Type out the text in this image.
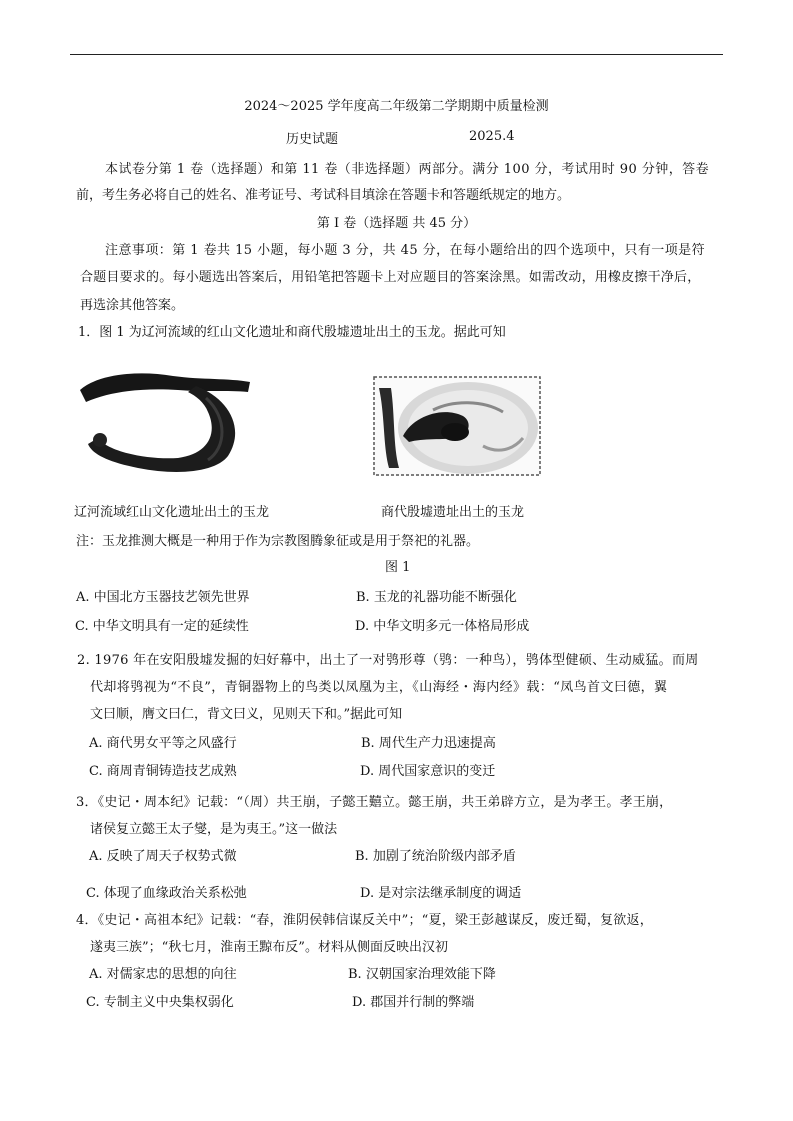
2024～2025 学年度高二年级第二学期期中质量检测
历史试题	2025.4
本试卷分第 1 卷（选择题）和第 11 卷（非选择题）两部分。满分 100 分，考试用时 90 分钟，答卷
前，考生务必将自己的姓名、准考证号、考试科目填涂在答题卡和答题纸规定的地方。
第 Ⅰ 卷（选择题 共 45 分）
注意事项：第 1 卷共 15 小题，每小题 3 分，共 45 分，在每小题给出的四个选项中，只有一项是符
合题目要求的。每小题选出答案后，用铅笔把答题卡上对应题目的答案涂黑。如需改动，用橡皮擦干净后，
再选涂其他答案。
1．图 1 为辽河流域的红山文化遗址和商代殷墟遗址出土的玉龙。据此可知
辽河流域红山文化遗址出土的玉龙	商代殷墟遗址出土的玉龙
注：玉龙推测大概是一种用于作为宗教图腾象征或是用于祭祀的礼器。
图 1
A. 中国北方玉器技艺领先世界	B. 玉龙的礼器功能不断强化
C. 中华文明具有一定的延续性	D. 中华文明多元一体格局形成
2. 1976 年在安阳殷墟发掘的妇好幕中，出土了一对鸮形尊（鸮：一种鸟），鸮体型健硕、生动威猛。而周
代却将鸮视为“不良”，青铜器物上的鸟类以凤凰为主，《山海经・海内经》载：“凤鸟首文曰德，翼
文曰顺，膺文曰仁，背文曰义，见则天下和。”据此可知
A. 商代男女平等之风盛行	B. 周代生产力迅速提高
C. 商周青铜铸造技艺成熟	D. 周代国家意识的变迁
3．《史记・周本纪》记载：“（周）共王崩，子懿王囏立。懿王崩，共王弟辟方立，是为孝王。孝王崩，
诸侯复立懿王太子燮，是为夷王。”这一做法
A. 反映了周天子权势式微	B. 加剧了统治阶级内部矛盾
C. 体现了血缘政治关系松弛	D. 是对宗法继承制度的调适
4．《史记・高祖本纪》记载：“春，淮阴侯韩信谋反关中”；“夏，梁王彭越谋反，废迁蜀，复欲返，
遂夷三族”；“秋七月，淮南王黥布反”。材料从侧面反映出汉初
A. 对儒家忠的思想的向往	B. 汉朝国家治理效能下降
C. 专制主义中央集权弱化	D. 郡国并行制的弊端
